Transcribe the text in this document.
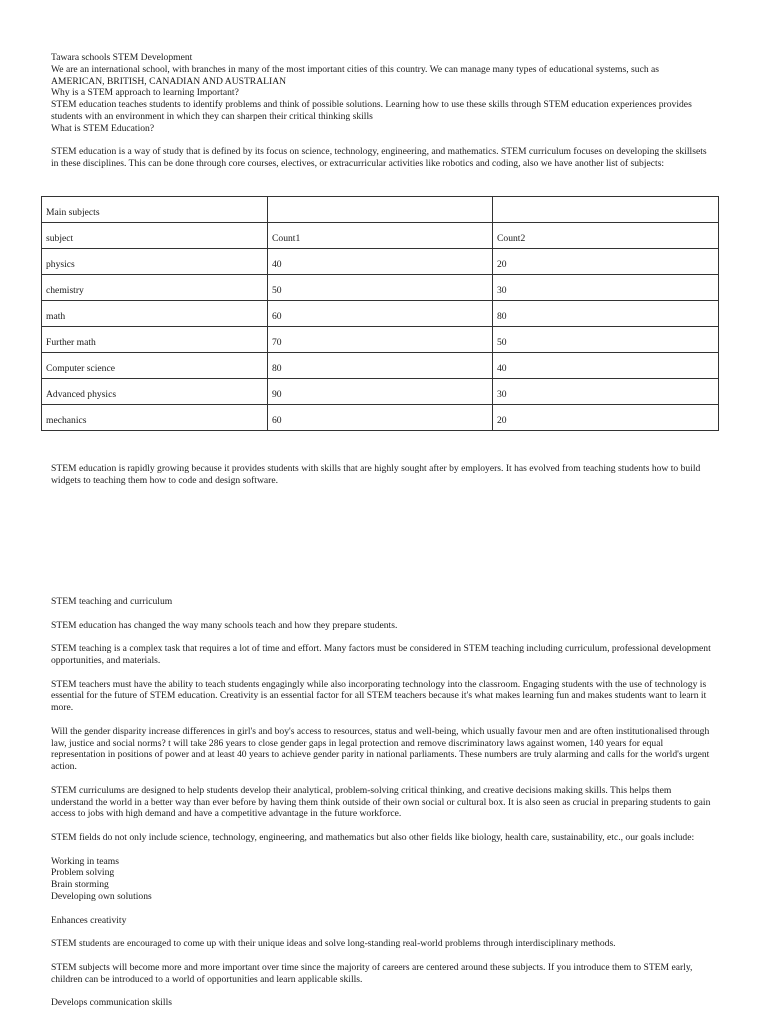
Tawara schools STEM Development

We are an international school, with branches in many of the most important cities of this country. We can manage many types of educational systems, such as

AMERICAN, BRITISH, CANADIAN AND AUSTRALIAN

Why is a STEM approach to learning Important?

STEM education teaches students to identify problems and think of possible solutions. Learning how to use these skills through STEM education experiences provides students with an environment in which they can sharpen their critical thinking skills

What is STEM Education?

STEM education is a way of study that is defined by its focus on science, technology, engineering, and mathematics. STEM curriculum focuses on developing the skillsets in these disciplines. This can be done through core courses, electives, or extracurricular activities like robotics and coding, also we have another list of subjects:

Main subjects		
subject	Count1	Count2
physics	40	20
chemistry	50	30
math	60	80
Further math	70	50
Computer science	80	40
Advanced physics	90	30
mechanics	60	20

STEM education is rapidly growing because it provides students with skills that are highly sought after by employers. It has evolved from teaching students how to build widgets to teaching them how to code and design software.

STEM teaching and curriculum

STEM education has changed the way many schools teach and how they prepare students.

STEM teaching is a complex task that requires a lot of time and effort. Many factors must be considered in STEM teaching including curriculum, professional development opportunities, and materials.

STEM teachers must have the ability to teach students engagingly while also incorporating technology into the classroom. Engaging students with the use of technology is essential for the future of STEM education. Creativity is an essential factor for all STEM teachers because it's what makes learning fun and makes students want to learn it more.

Will the gender disparity increase differences in girl's and boy's access to resources, status and well-being, which usually favour men and are often institutionalised through law, justice and social norms? t will take 286 years to close gender gaps in legal protection and remove discriminatory laws against women, 140 years for equal representation in positions of power and at least 40 years to achieve gender parity in national parliaments. These numbers are truly alarming and calls for the world's urgent action.

STEM curriculums are designed to help students develop their analytical, problem-solving critical thinking, and creative decisions making skills. This helps them understand the world in a better way than ever before by having them think outside of their own social or cultural box. It is also seen as crucial in preparing students to gain access to jobs with high demand and have a competitive advantage in the future workforce.

STEM fields do not only include science, technology, engineering, and mathematics but also other fields like biology, health care, sustainability, etc., our goals include:

Working in teams
Problem solving
Brain storming
Developing own solutions

Enhances creativity

STEM students are encouraged to come up with their unique ideas and solve long-standing real-world problems through interdisciplinary methods.

STEM subjects will become more and more important over time since the majority of careers are centered around these subjects. If you introduce them to STEM early, children can be introduced to a world of opportunities and learn applicable skills.

Develops communication skills
